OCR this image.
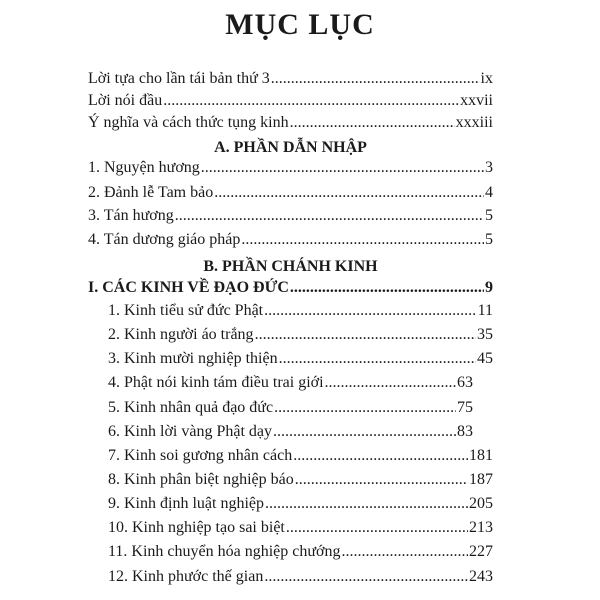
MỤC LỤC
Lời tựa cho lần tái bản thứ 3 .....	ix
Lời nói đầu .....	xxvii
Ý nghĩa và cách thức tụng kinh .....	xxxiii
A. PHẦN DẪN NHẬP
1. Nguyện hương .....	3
2. Đảnh lễ Tam bảo .....	4
3. Tán hương .....	5
4. Tán dương giáo pháp .....	5
B. PHẦN CHÁNH KINH
I. CÁC KINH VỀ ĐẠO ĐỨC .....	9
1. Kinh tiểu sử đức Phật .....	11
2. Kinh người áo trắng .....	35
3. Kinh mười nghiệp thiện .....	45
4. Phật nói kinh tám điều trai giới .....	63
5. Kinh nhân quả đạo đức .....	75
6. Kinh lời vàng Phật dạy .....	83
7. Kinh soi gương nhân cách .....	181
8. Kinh phân biệt nghiệp báo .....	187
9. Kinh định luật nghiệp .....	205
10. Kinh nghiệp tạo sai biệt .....	213
11. Kinh chuyển hóa nghiệp chướng .....	227
12. Kinh phước thế gian .....	243
